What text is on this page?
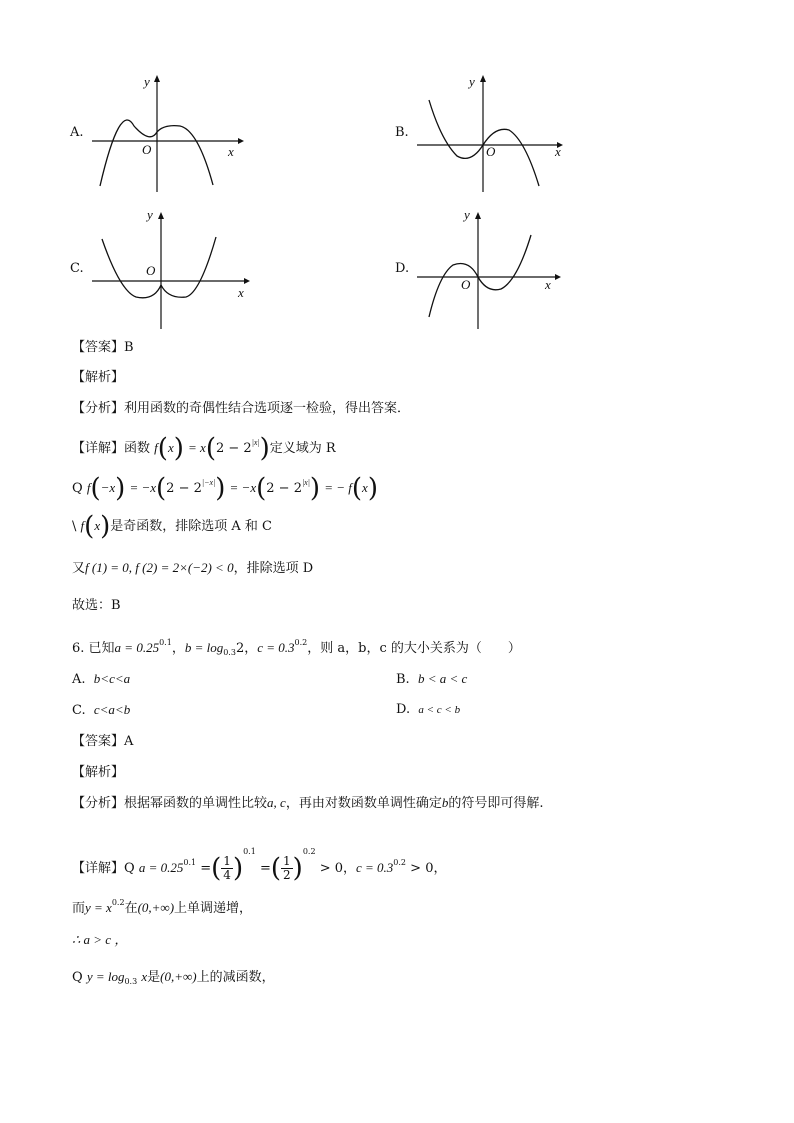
A.
y
O	x
B.
y
O	x
C.
y
O
x
D.
y
O	x
【答案】B
【解析】
【分析】利用函数的奇偶性结合选项逐一检验，得出答案．
【详解】函数 $f(x) = x(2 - 2^{|x|})$定义域为 R
Q $f(-x) = -x(2 - 2^{|-x|}) = -x(2 - 2^{|x|})$ = − f(x)
\ f(x)是奇函数，排除选项 A 和 C
又f (1) = 0, f (2) = 2×(−2) < 0，排除选项 D
故选：B
6. 已知$a = 0.25^{0.1}$，$b = \log_{0.3}2$，$c = 0.3^{0.2}$，则 a，b，c 的大小关系为（　　）
A. b<c<a	B. b < a < c
C. c<a<b	D. a < c < b
【答案】A
【解析】
【分析】根据幂函数的单调性比较a, c，再由对数函数单调性确定b的符号即可得解.
【详解】Q $a = 0.25^{0.1}$ =( $\frac{1}{4} )^{0.1}$ =( $\frac{1}{2} )^{0.2} > 0$，$c = 0.3^{0.2} > 0$，
而$y = x^{0.2}$在(0,+∞)上单调递增，
∴ a > c ，
Q $y = \log_{0.3} x$是(0,+∞)上的减函数，
